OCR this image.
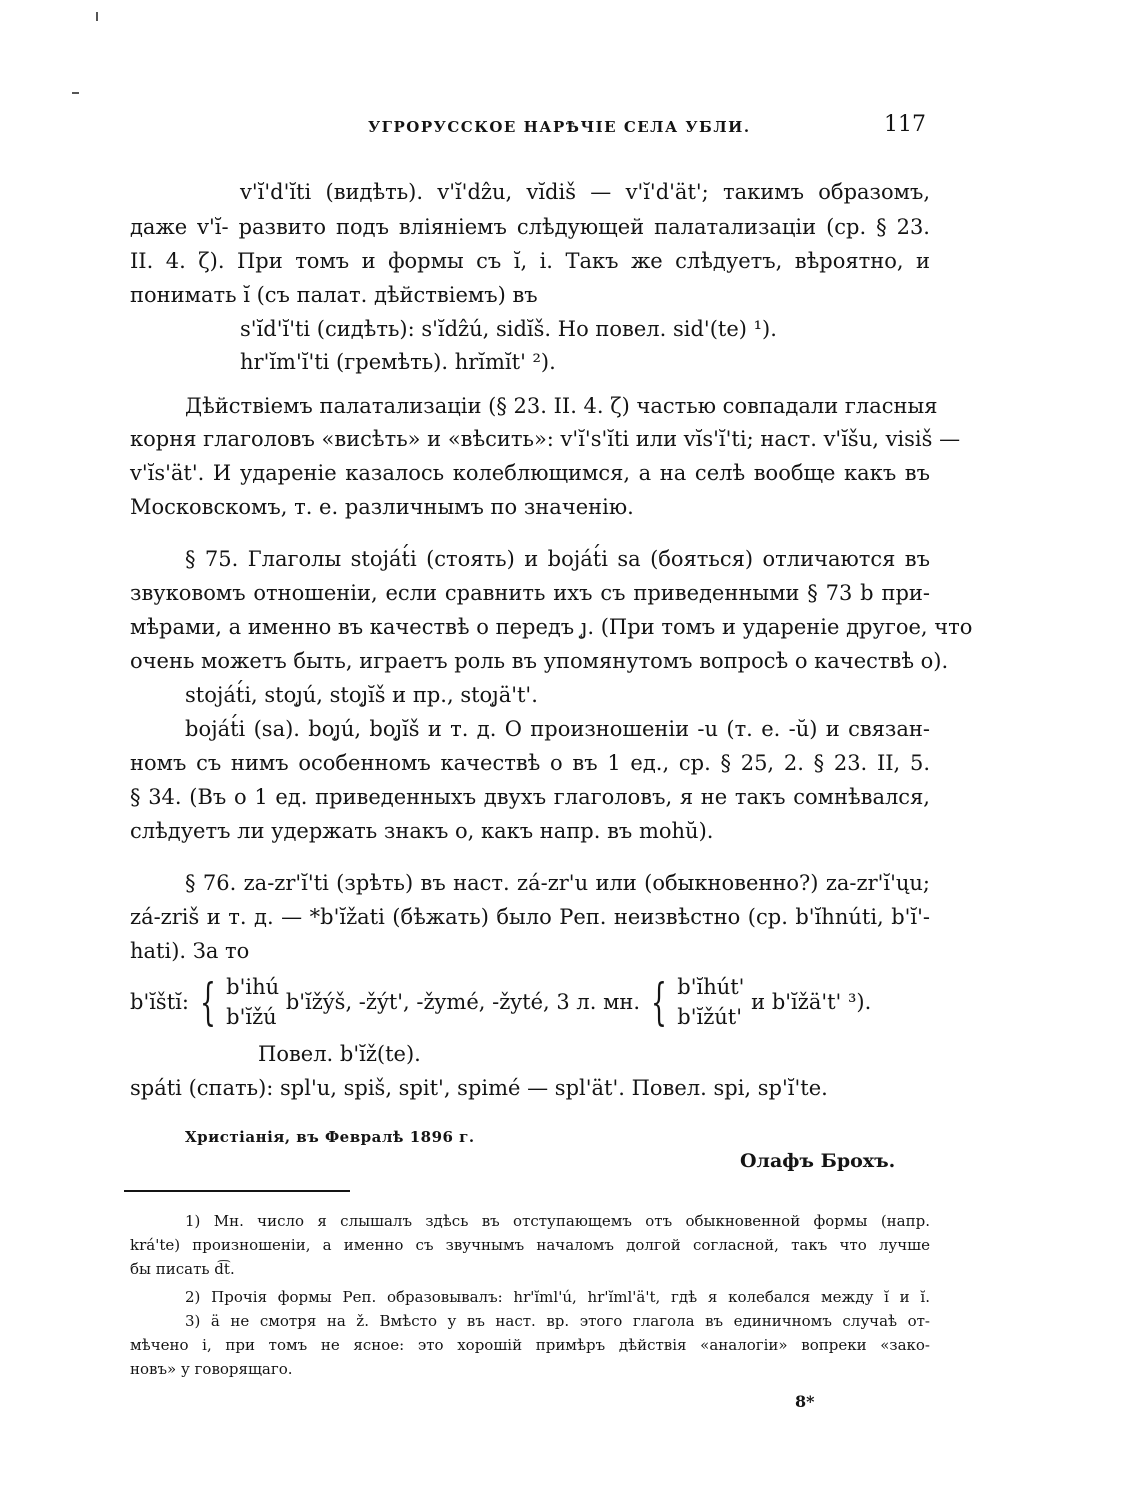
УГРОРУССКОЕ НАРѢЧІЕ СЕЛА УБЛИ.	117
v'ĭ'd'ĭti (видѣть). v'ĭ'dẑu, vĭdiš — v'ĭ'd'ät'; такимъ образомъ,
даже v'ĭ- развито подъ вліяніемъ слѣдующей палатализаціи (ср. § 23.
II. 4. ζ). При томъ и формы съ ĭ, i. Такъ же слѣдуетъ, вѣроятно, и
понимать ĭ (съ палат. дѣйствіемъ) въ
s'ĭd'ĭ'ti (сидѣть): s'ĭdẑú, sidĭš. Но повел. sid'(te) ¹).
hr'ĭm'ĭ'ti (гремѣть). hrĭmĭt' ²).
Дѣйствіемъ палатализаціи (§ 23. II. 4. ζ) частью совпадали гласныя
корня глаголовъ «висѣть» и «вѣсить»: v'ĭ's'ĭti или vĭs'ĭ'ti; наст. v'ĭšu, visiš —
v'ĭs'ät'. И удареніе казалось колеблющимся, а на селѣ вообще какъ въ
Московскомъ, т. е. различнымъ по значенію.
§ 75. Глаголы stoját́i (стоять) и boját́i sa (бояться) отличаются въ
звуковомъ отношеніи, если сравнить ихъ съ приведенными § 73 b при-
мѣрами, а именно въ качествѣ о передъ ȷ̨. (При томъ и удареніе другое, что
очень можетъ быть, играетъ роль въ упомянутомъ вопросѣ о качествѣ о).
stoját́i, stoȷ̨ú, stoȷ̨ĭš и пр., stoȷ̨ä't'.
boját́i (sa). boȷ̨ú, boȷ̨ĭš и т. д. О произношеніи -u (т. е. -ŭ) и связан-
номъ съ нимъ особенномъ качествѣ о въ 1 ед., ср. § 25, 2. § 23. II, 5.
§ 34. (Въ о 1 ед. приведенныхъ двухъ глаголовъ, я не такъ сомнѣвался,
слѣдуетъ ли удержать знакъ о, какъ напр. въ mohŭ).
§ 76. za-zr'ĭ'ti (зрѣть) въ наст. zá-zr'u или (обыкновенно?) za-zr'ĭ'ųu;
zá-zriš и т. д. — *b'ĭžati (бѣжать) было Реп. неизвѣстно (ср. b'ĭhnúti, b'ĭ'-
hati). За то
b'ĭštĭ: { b'ihú
b'ĭžú b'ĭžýš, -žýt', -žymé, -žyté, 3 л. мн. { b'ĭhút'
b'ĭžút' и b'ĭžä't' ³).
Повел. b'ĭž(te).
spáti (спать): spl'u, spiš, spit', spimé — spl'ät'. Повел. spi, sp'ĭ'te.
Христіанія, въ Февралѣ 1896 г.
Олафъ Брохъ.
1) Мн. число я слышалъ здѣсь въ отступающемъ отъ обыкновенной формы (напр.
krá'te) произношеніи, а именно съ звучнымъ началомъ долгой согласной, такъ что лучше
бы писать d͡t.
2) Прочія формы Реп. образовывалъ: hr'ĭml'ú, hr'ĭml'ä't, гдѣ я колебался между ĭ и ĭ.
3) ä не смотря на ž. Вмѣсто у въ наст. вр. этого глагола въ единичномъ случаѣ от-
мѣчено і, при томъ не ясное: это хорошій примѣръ дѣйствія «аналогіи» вопреки «зако-
новъ» у говорящаго.
8*
